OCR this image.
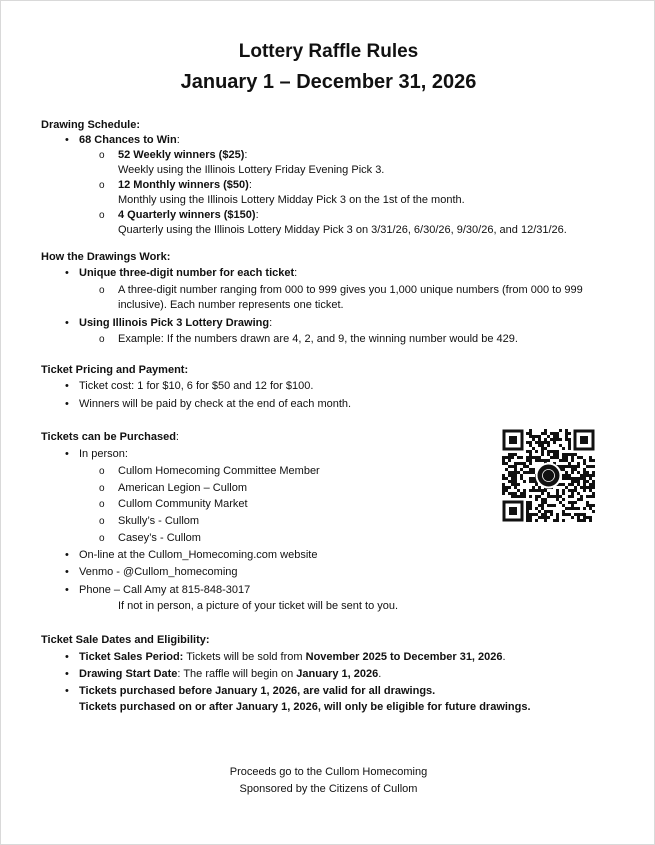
Lottery Raffle Rules
January 1 – December 31, 2026
Drawing Schedule:
• 68 Chances to Win:
o 52 Weekly winners ($25):
Weekly using the Illinois Lottery Friday Evening Pick 3.
o 12 Monthly winners ($50):
Monthly using the Illinois Lottery Midday Pick 3 on the 1st of the month.
o 4 Quarterly winners ($150):
Quarterly using the Illinois Lottery Midday Pick 3 on 3/31/26, 6/30/26, 9/30/26, and 12/31/26.
How the Drawings Work:
• Unique three-digit number for each ticket:
o A three-digit number ranging from 000 to 999 gives you 1,000 unique numbers (from 000 to 999
inclusive). Each number represents one ticket.
• Using Illinois Pick 3 Lottery Drawing:
o Example: If the numbers drawn are 4, 2, and 9, the winning number would be 429.
Ticket Pricing and Payment:
• Ticket cost: 1 for $10, 6 for $50 and 12 for $100.
• Winners will be paid by check at the end of each month.
Tickets can be Purchased:
• In person:
o Cullom Homecoming Committee Member
o American Legion – Cullom
o Cullom Community Market
o Skully’s - Cullom
o Casey’s - Cullom
• On-line at the Cullom_Homecoming.com website
• Venmo - @Cullom_homecoming
• Phone – Call Amy at 815-848-3017
If not in person, a picture of your ticket will be sent to you.
Ticket Sale Dates and Eligibility:
• Ticket Sales Period: Tickets will be sold from November 2025 to December 31, 2026.
• Drawing Start Date: The raffle will begin on January 1, 2026.
• Tickets purchased before January 1, 2026, are valid for all drawings.
Tickets purchased on or after January 1, 2026, will only be eligible for future drawings.
Proceeds go to the Cullom Homecoming
Sponsored by the Citizens of Cullom
